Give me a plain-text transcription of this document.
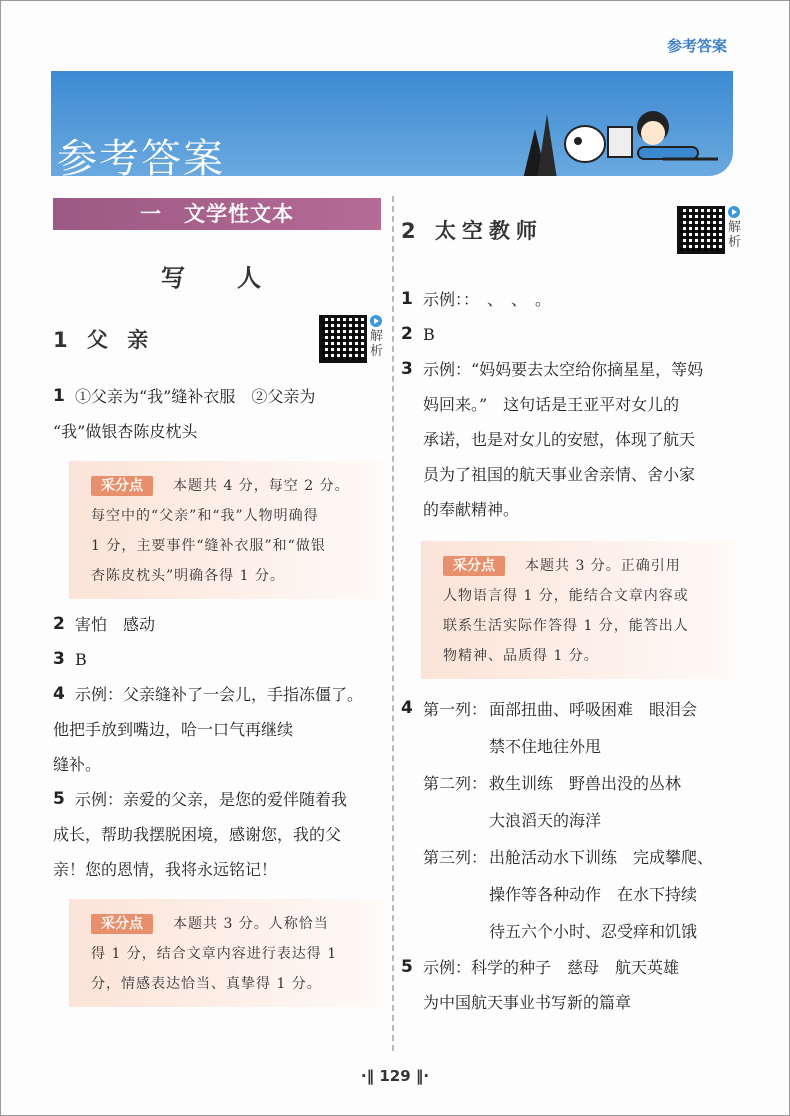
参考答案
参考答案
一　文学性文本
写　人
1 父 亲	解
析
1 ①父亲为“我”缝补衣服　②父亲为
“我”做银杏陈皮枕头
采分点 本题共 4 分，每空 2 分。
每空中的“父亲”和“我”人物明确得
1 分，主要事件“缝补衣服”和“做银
杏陈皮枕头”明确各得 1 分。
2 害怕　感动
3 B
4 示例：父亲缝补了一会儿，手指冻僵了。
他把手放到嘴边，哈一口气再继续
缝补。
5 示例：亲爱的父亲，是您的爱伴随着我
成长，帮助我摆脱困境，感谢您，我的父
亲！您的恩情，我将永远铭记！
采分点 本题共 3 分。人称恰当
得 1 分，结合文章内容进行表达得 1
分，情感表达恰当、真挚得 1 分。
2 太空教师	解
析
1 示例：：　、　、　。
2 B
3 示例：“妈妈要去太空给你摘星星，等妈
妈回来。”　这句话是王亚平对女儿的
承诺，也是对女儿的安慰，体现了航天
员为了祖国的航天事业舍亲情、舍小家
的奉献精神。
采分点 本题共 3 分。正确引用
人物语言得 1 分，能结合文章内容或
联系生活实际作答得 1 分，能答出人
物精神、品质得 1 分。
4 第一列： 面部扭曲、呼吸困难　眼泪会
禁不住地往外甩
第二列： 救生训练　野兽出没的丛林
大浪滔天的海洋
第三列： 出舱活动水下训练　完成攀爬、
操作等各种动作　在水下持续
待五六个小时、忍受痒和饥饿
5 示例：科学的种子　慈母　航天英雄
为中国航天事业书写新的篇章
·‖ 129 ‖·
